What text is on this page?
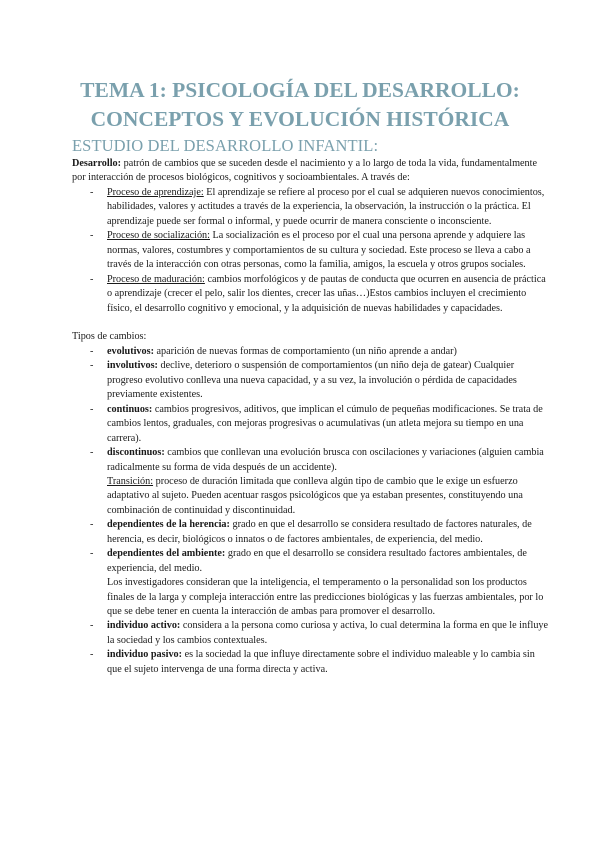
TEMA 1: PSICOLOGÍA DEL DESARROLLO:
CONCEPTOS Y EVOLUCIÓN HISTÓRICA
ESTUDIO DEL DESARROLLO INFANTIL:

Desarrollo: patrón de cambios que se suceden desde el nacimiento y a lo largo de toda la vida, fundamentalmente por interacción de procesos biológicos, cognitivos y socioambientales. A través de:

- Proceso de aprendizaje: El aprendizaje se refiere al proceso por el cual se adquieren nuevos conocimientos, habilidades, valores y actitudes a través de la experiencia, la observación, la instrucción o la práctica. El aprendizaje puede ser formal o informal, y puede ocurrir de manera consciente o inconsciente.
- Proceso de socialización: La socialización es el proceso por el cual una persona aprende y adquiere las normas, valores, costumbres y comportamientos de su cultura y sociedad. Este proceso se lleva a cabo a través de la interacción con otras personas, como la familia, amigos, la escuela y otros grupos sociales.
- Proceso de maduración: cambios morfológicos y de pautas de conducta que ocurren en ausencia de práctica o aprendizaje (crecer el pelo, salir los dientes, crecer las uñas…)Estos cambios incluyen el crecimiento físico, el desarrollo cognitivo y emocional, y la adquisición de nuevas habilidades y capacidades.

Tipos de cambios:

- evolutivos: aparición de nuevas formas de comportamiento (un niño aprende a andar)
- involutivos: declive, deterioro o suspensión de comportamientos (un niño deja de gatear) Cualquier progreso evolutivo conlleva una nueva capacidad, y a su vez, la involución o pérdida de capacidades previamente existentes.
- continuos: cambios progresivos, aditivos, que implican el cúmulo de pequeñas modificaciones. Se trata de cambios lentos, graduales, con mejoras progresivas o acumulativas (un atleta mejora su tiempo en una carrera).
- discontinuos: cambios que conllevan una evolución brusca con oscilaciones y variaciones (alguien cambia radicalmente su forma de vida después de un accidente).

Transición: proceso de duración limitada que conlleva algún tipo de cambio que le exige un esfuerzo adaptativo al sujeto. Pueden acentuar rasgos psicológicos que ya estaban presentes, constituyendo una combinación de continuidad y discontinuidad.

- dependientes de la herencia: grado en que el desarrollo se considera resultado de factores naturales, de herencia, es decir, biológicos o innatos o de factores ambientales, de experiencia, del medio.
- dependientes del ambiente: grado en que el desarrollo se considera resultado factores ambientales, de experiencia, del medio.

Los investigadores consideran que la inteligencia, el temperamento o la personalidad son los productos finales de la larga y compleja interacción entre las predicciones biológicas y las fuerzas ambientales, por lo que se debe tener en cuenta la interacción de ambas para promover el desarrollo.

- individuo activo: considera a la persona como curiosa y activa, lo cual determina la forma en que le influye la sociedad y los cambios contextuales.
- individuo pasivo: es la sociedad la que influye directamente sobre el individuo maleable y lo cambia sin que el sujeto intervenga de una forma directa y activa.
